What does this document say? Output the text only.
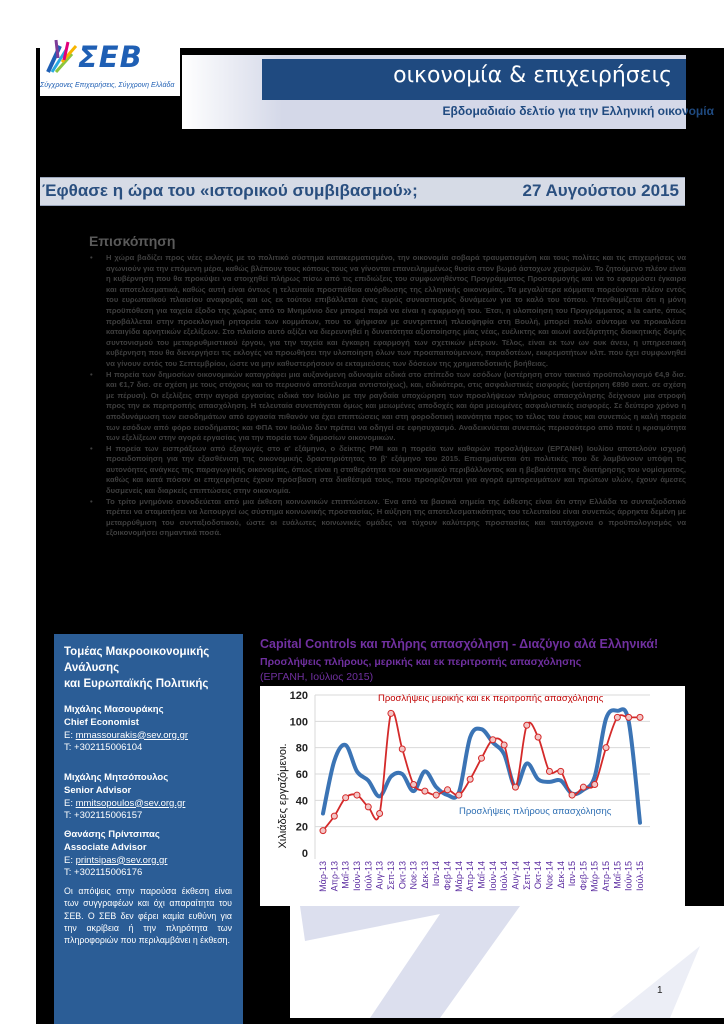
ΣΕΒ
Σύγχρονες Επιχειρήσεις, Σύγχρονη Ελλάδα	οικονομία & επιχειρήσεις
Εβδομαδιαίο δελτίο για την Ελληνική οικονομία
Έφθασε η ώρα του «ιστορικού συμβιβασμού»;	27 Αυγούστου 2015
Επισκόπηση
• Η χώρα βαδίζει προς νέες εκλογές με το πολιτικό σύστημα κατακερματισμένο, την οικονομία σοβαρά τραυματισμένη και τους πολίτες και τις επιχειρήσεις να αγωνιούν για την επόμενη μέρα, καθώς βλέπουν τους κόπους τους να γίνονται επανειλημμένως θυσία στον βωμό άστοχων χειρισμών. Το ζητούμενο πλέον είναι η κυβέρνηση που θα προκύψει να στοιχηθεί πλήρως πίσω από τις επιδιώξεις του συμφωνηθέντος Προγράμματος Προσαρμογής και να το εφαρμόσει έγκαιρα και αποτελεσματικά, καθώς αυτή είναι όντως η τελευταία προσπάθεια ανόρθωσης της ελληνικής οικονομίας. Τα μεγαλύτερα κόμματα πορεύονται πλέον εντός του ευρωπαϊκού πλαισίου αναφοράς και ως εκ τούτου επιβάλλεται ένας ευρύς συνασπισμός δυνάμεων για το καλό του τόπου. Υπενθυμίζεται ότι η μόνη προϋπόθεση για ταχεία έξοδο της χώρας από το Μνημόνιο δεν μπορεί παρά να είναι η εφαρμογή του. Έτσι, η υλοποίηση του Προγράμματος a la carte, όπως προβάλλεται στην προεκλογική ρητορεία των κομμάτων, που το ψήφισαν με συντριπτική πλειοψηφία στη Βουλή, μπορεί πολύ σύντομα να προκαλέσει καταιγίδα αρνητικών εξελίξεων. Στο πλαίσιο αυτό αξίζει να διερευνηθεί η δυνατότητα αξιοποίησης μίας νέας, ευέλικτης και αιωνί ανεξάρτητης διοικητικής δομής συντονισμού του μεταρρυθμιστικού έργου, για την ταχεία και έγκαιρη εφαρμογή των σχετικών μέτρων. Τέλος, είναι εκ των ων ουκ άνευ, η υπηρεσιακή κυβέρνηση που θα διενεργήσει τις εκλογές να προωθήσει την υλοποίηση όλων των προαπαιτούμενων, παραδοτέων, εκκρεμοτήτων κλπ. που έχει συμφωνηθεί να γίνουν εντός του Σεπτεμβρίου, ώστε να μην καθυστερήσουν οι εκταμιεύσεις των δόσεων της χρηματοδοτικής βοήθειας.
• Η πορεία των δημοσίων οικονομικών καταγράφει μια αυξανόμενη αδυναμία ειδικά στο επίπεδο των εσόδων (υστέρηση στον τακτικό προϋπολογισμό €4,9 δισ. και €1,7 δισ. σε σχέση με τους στόχους και το περυσινό αποτέλεσμα αντιστοίχως), και, ειδικότερα, στις ασφαλιστικές εισφορές (υστέρηση €890 εκατ. σε σχέση με πέρυσι). Οι εξελίξεις στην αγορά εργασίας ειδικά τον Ιούλιο με την ραγδαία υποχώρηση των προσλήψεων πλήρους απασχόλησης δείχνουν μια στροφή προς την εκ περιτροπής απασχόληση. Η τελευταία συνεπάγεται όμως και μειωμένες αποδοχές και άρα μειωμένες ασφαλιστικές εισφορές. Σε δεύτερο χρόνο η αποδυνάμωση των εισοδημάτων από εργασία πιθανόν να έχει επιπτώσεις και στη φοροδοτική ικανότητα προς το τέλος του έτους και συνεπώς η καλή πορεία των εσόδων από φόρο εισοδήματος και ΦΠΑ τον Ιούλιο δεν πρέπει να οδηγεί σε εφησυχασμό. Αναδεικνύεται συνεπώς περισσότερο από ποτέ η κρισιμότητα των εξελίξεων στην αγορά εργασίας για την πορεία των δημοσίων οικονομικών.
• Η πορεία των εισπράξεων από εξαγωγές στο α' εξάμηνο, ο δείκτης PMI και η πορεία των καθαρών προσλήψεων (ΕΡΓΑΝΗ) Ιουλίου αποτελούν ισχυρή προειδοποίηση για την εξασθένιση της οικονομικής δραστηριότητας το β' εξάμηνο του 2015. Επισημαίνεται ότι πολιτικές που δε λαμβάνουν υπόψη τις αυτονόητες ανάγκες της παραγωγικής οικονομίας, όπως είναι η σταθερότητα του οικονομικού περιβάλλοντος και η βεβαιότητα της διατήρησης του νομίσματος, καθώς και κατά πόσον οι επιχειρήσεις έχουν πρόσβαση στα διαθέσιμά τους, που προορίζονται για αγορά εμπορευμάτων και πρώτων υλών, έχουν άμεσες δυσμενείς και διαρκείς επιπτώσεις στην οικονομία.
• Το τρίτο μνημόνιο συνοδεύεται από μια έκθεση κοινωνικών επιπτώσεων. Ένα από τα βασικά σημεία της έκθεσης είναι ότι στην Ελλάδα το συνταξιοδοτικό πρέπει να σταματήσει να λειτουργεί ως σύστημα κοινωνικής προστασίας. Η αύξηση της αποτελεσματικότητας του τελευταίου είναι συνεπώς άρρηκτα δεμένη με μεταρρύθμιση του συνταξιοδοτικού, ώστε οι ευάλωτες κοινωνικές ομάδες να τύχουν καλύτερης προστασίας και ταυτόχρονα ο προϋπολογισμός να εξοικονομήσει σημαντικά ποσά.
Τομέας Μακροοικονομικής
Ανάλυσης
και Ευρωπαϊκής Πολιτικής
Μιχάλης Μασουράκης
Chief Economist
E: mmassourakis@sev.org.gr
T: +302115006104
Μιχάλης Μητσόπουλος
Senior Advisor
E: mmitsopoulos@sev.org.gr
T: +302115006157
Θανάσης Πρίντσιπας
Associate Advisor
E: printsipas@sev.org.gr
T: +302115006176
Οι απόψεις στην παρούσα έκθεση είναι των συγγραφέων και όχι απαραίτητα του ΣΕΒ. Ο ΣΕΒ δεν φέρει καμία ευθύνη για την ακρίβεια ή την πληρότητα των πληροφοριών που περιλαμβάνει η έκθεση.
Capital Controls και πλήρης απασχόληση - Διαζύγιο αλά Ελληνικά!
Προσλήψεις πλήρους, μερικής και εκ περιτροπής απασχόλησης
(ΕΡΓΑΝΗ, Ιούλιος 2015)
0
20
40
60
80
100
120
Μάρ-13 Απρ-13 Μαΐ-13 Ιούν-13 Ιούλ-13 Αυγ-13 Σεπ-13 Οκτ-13 Νοε-13 Δεκ-13 Ιαν-14 Φεβ-14 Μάρ-14 Απρ-14 Μαΐ-14 Ιούν-14 Ιούλ-14 Αυγ-14 Σεπ-14 Οκτ-14 Νοε-14 Δεκ-14 Ιαν-15 Φεβ-15 Μάρ-15 Απρ-15 Μαΐ-15 Ιούν-15 Ιούλ-15
Χιλιάδες εργαζόμενοι.
Προσλήψεις μερικής και εκ περιτροπής απασχόλησης
Προσλήψεις πλήρους απασχόλησης
1
